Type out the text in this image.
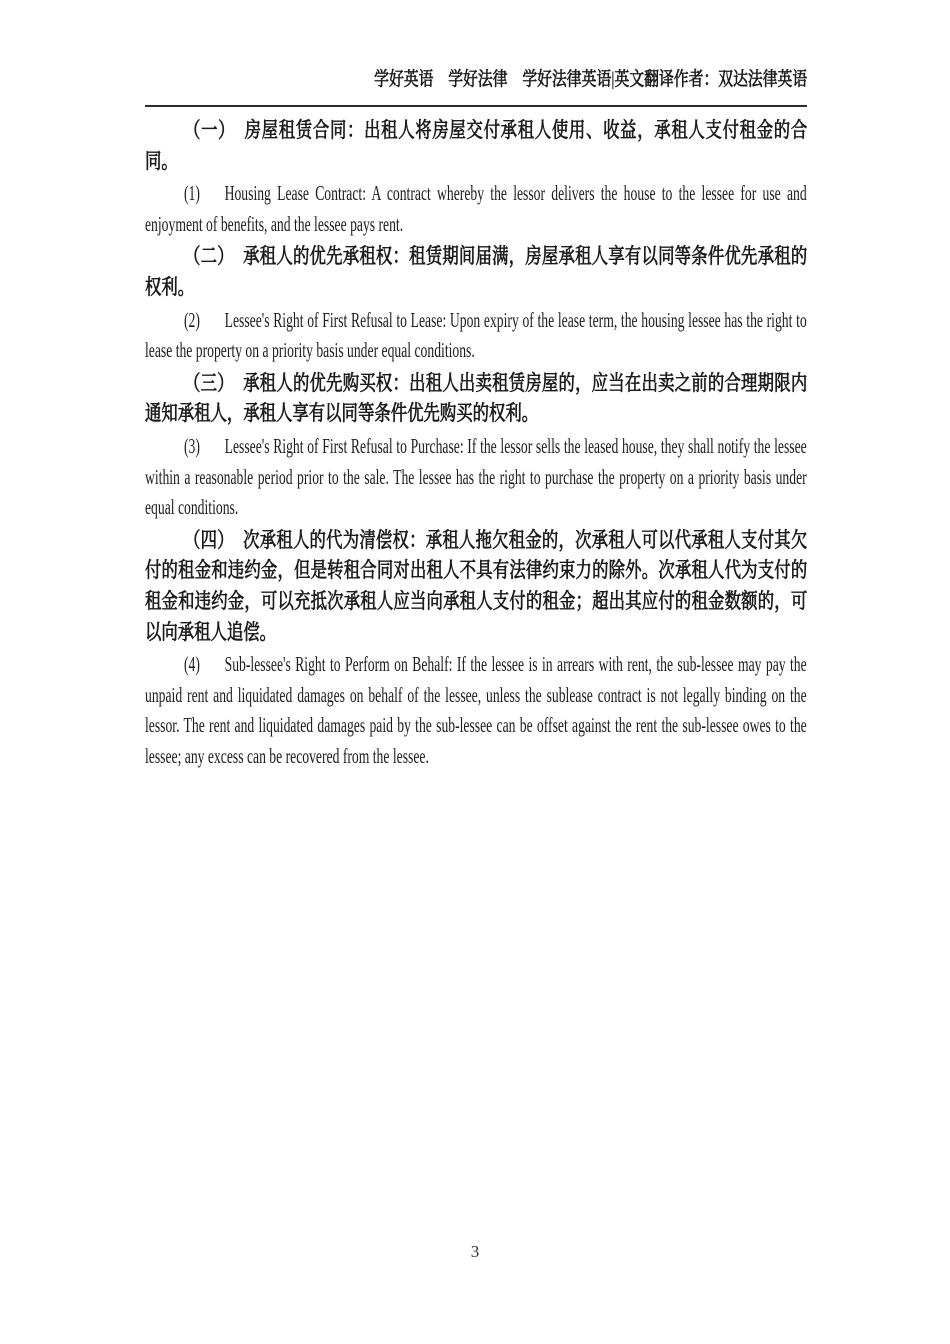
学好英语　学好法律　学好法律英语|英文翻译作者：双达法律英语

（一） 房屋租赁合同：出租人将房屋交付承租人使用、收益，承租人支付租金的合同。

(1) Housing Lease Contract: A contract whereby the lessor delivers the house to the lessee for use and enjoyment of benefits, and the lessee pays rent.

（二） 承租人的优先承租权：租赁期间届满，房屋承租人享有以同等条件优先承租的权利。

(2) Lessee's Right of First Refusal to Lease: Upon expiry of the lease term, the housing lessee has the right to lease the property on a priority basis under equal conditions.

（三） 承租人的优先购买权：出租人出卖租赁房屋的，应当在出卖之前的合理期限内通知承租人，承租人享有以同等条件优先购买的权利。

(3) Lessee's Right of First Refusal to Purchase: If the lessor sells the leased house, they shall notify the lessee within a reasonable period prior to the sale. The lessee has the right to purchase the property on a priority basis under equal conditions.

（四） 次承租人的代为清偿权：承租人拖欠租金的，次承租人可以代承租人支付其欠付的租金和违约金，但是转租合同对出租人不具有法律约束力的除外。次承租人代为支付的租金和违约金，可以充抵次承租人应当向承租人支付的租金；超出其应付的租金数额的，可以向承租人追偿。

(4) Sub-lessee's Right to Perform on Behalf: If the lessee is in arrears with rent, the sub-lessee may pay the unpaid rent and liquidated damages on behalf of the lessee, unless the sublease contract is not legally binding on the lessor. The rent and liquidated damages paid by the sub-lessee can be offset against the rent the sub-lessee owes to the lessee; any excess can be recovered from the lessee.

3
